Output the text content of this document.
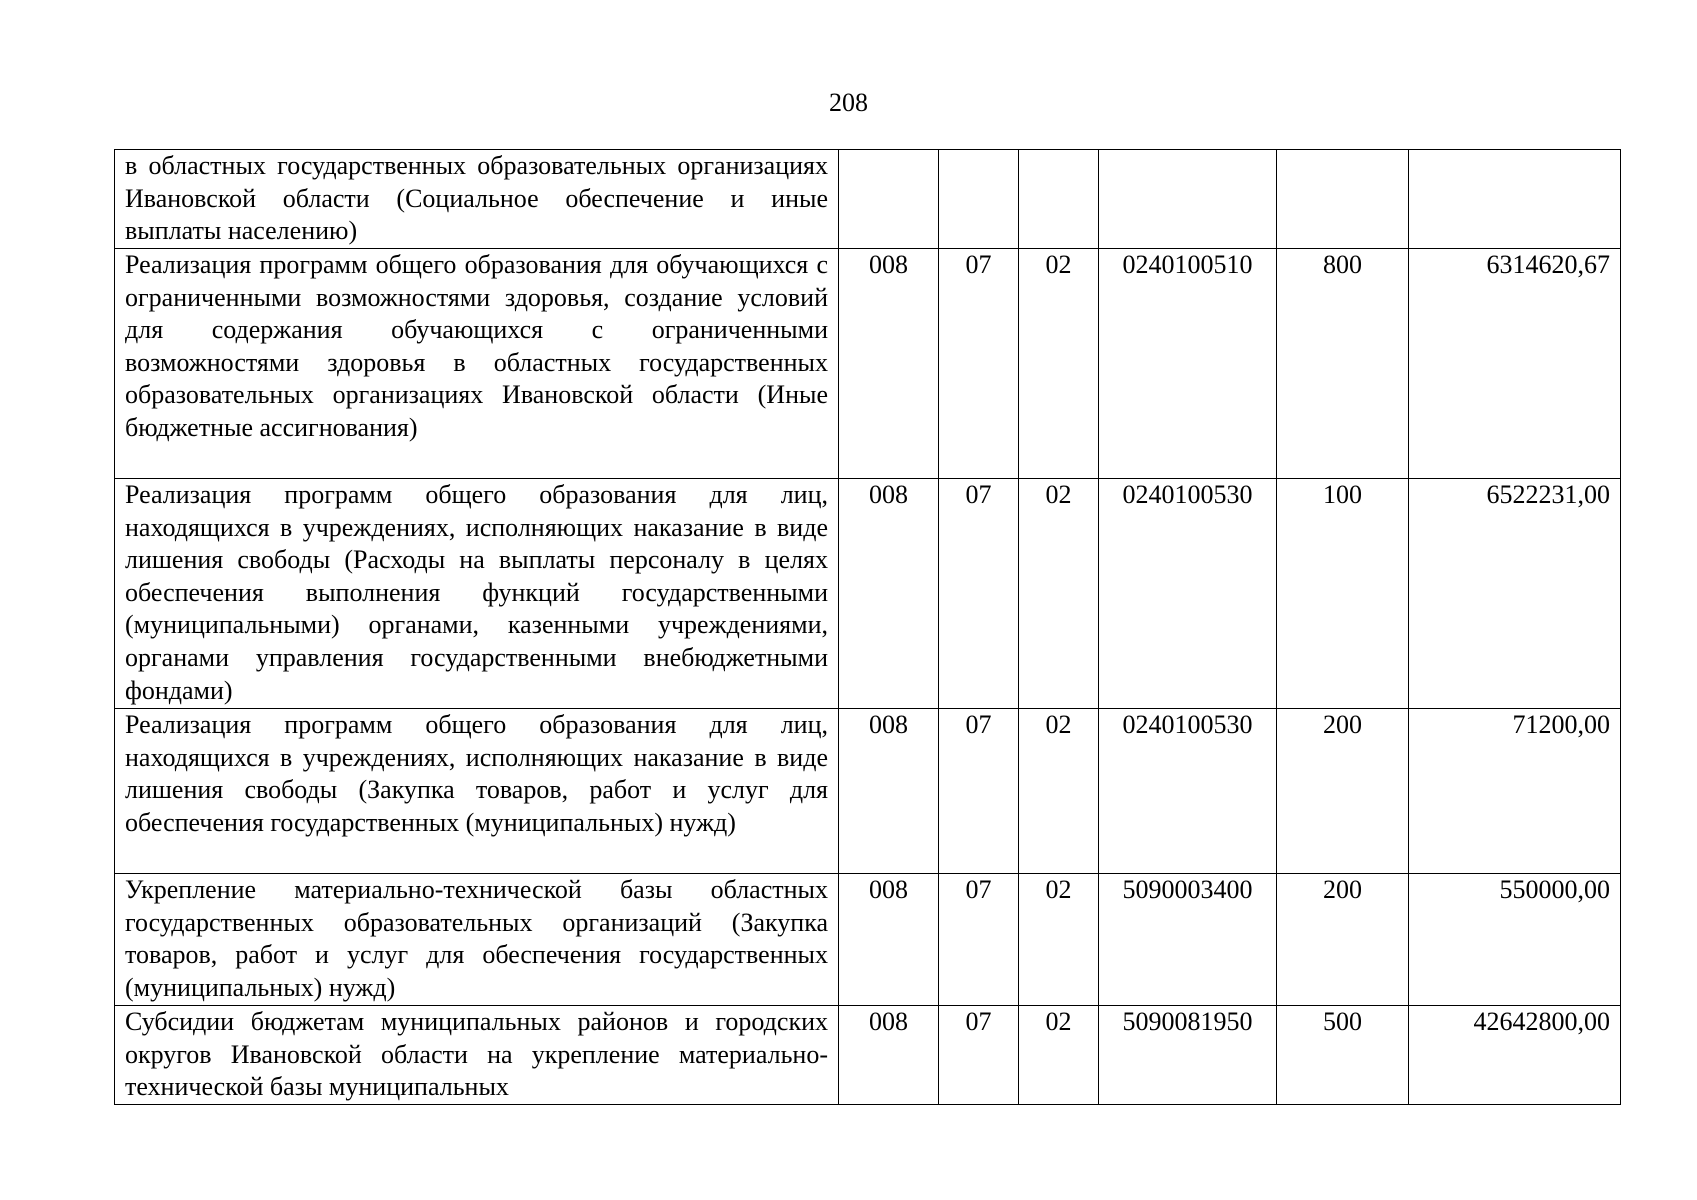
208
в областных государственных образовательных организациях Ивановской области (Социальное обеспечение и иные выплаты населению)						
Реализация программ общего образования для обучающихся с ограниченными возможностями здоровья, создание условий для содержания обучающихся с ограниченными возможностями здоровья в областных государственных образовательных организациях Ивановской области (Иные бюджетные ассигнования)	008	07	02	0240100510	800	6314620,67
Реализация программ общего образования для лиц, находящихся в учреждениях, исполняющих наказание в виде лишения свободы (Расходы на выплаты персоналу в целях обеспечения выполнения функций государственными (муниципальными) органами, казенными учреждениями, органами управления государственными внебюджетными фондами)	008	07	02	0240100530	100	6522231,00
Реализация программ общего образования для лиц, находящихся в учреждениях, исполняющих наказание в виде лишения свободы (Закупка товаров, работ и услуг для обеспечения государственных (муниципальных) нужд)	008	07	02	0240100530	200	71200,00
Укрепление материально-технической базы областных государственных образовательных организаций (Закупка товаров, работ и услуг для обеспечения государственных (муниципальных) нужд)	008	07	02	5090003400	200	550000,00
Субсидии бюджетам муниципальных районов и городских округов Ивановской области на укрепление материально-технической базы муниципальных	008	07	02	5090081950	500	42642800,00
